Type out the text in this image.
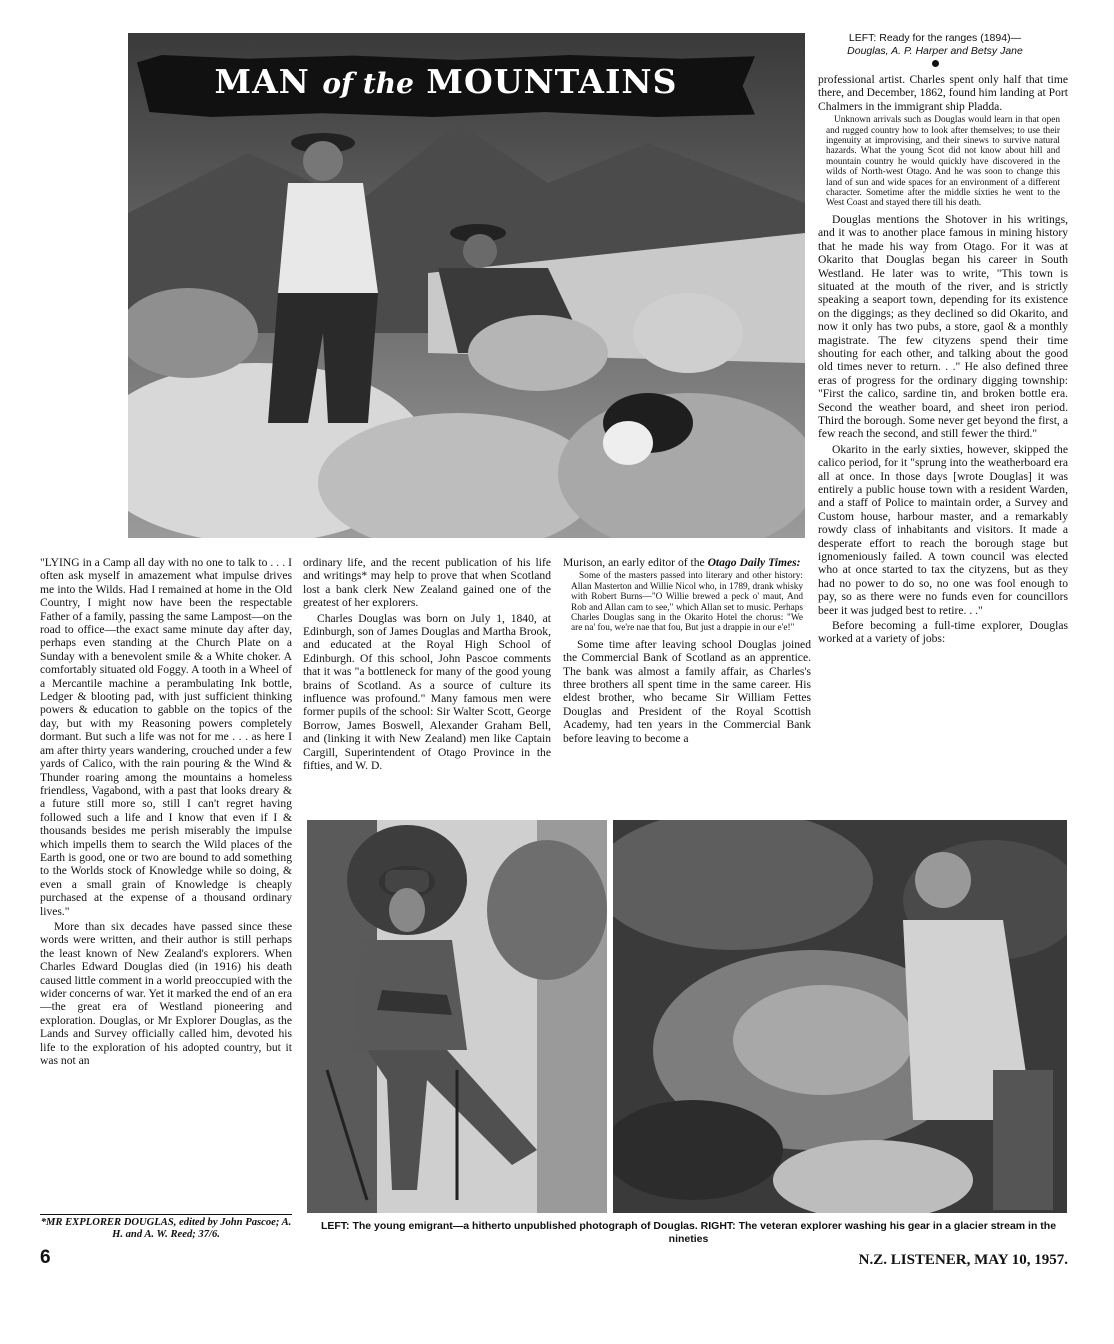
MAN of the MOUNTAINS
LEFT: Ready for the ranges (1894)—
Douglas, A. P. Harper and Betsy Jane

professional artist. Charles spent only half that time there, and December, 1862, found him landing at Port Chalmers in the immigrant ship Pladda.

Unknown arrivals such as Douglas would learn in that open and rugged country how to look after themselves; to use their ingenuity at improvising, and their sinews to survive natural hazards. What the young Scot did not know about hill and mountain country he would quickly have discovered in the wilds of North-west Otago. And he was soon to change this land of sun and wide spaces for an environment of a different character. Sometime after the middle sixties he went to the West Coast and stayed there till his death.

Douglas mentions the Shotover in his writings, and it was to another place famous in mining history that he made his way from Otago. For it was at Okarito that Douglas began his career in South Westland. He later was to write, "This town is situated at the mouth of the river, and is strictly speaking a seaport town, depending for its existence on the diggings; as they declined so did Okarito, and now it only has two pubs, a store, gaol & a monthly magistrate. The few cityzens spend their time shouting for each other, and talking about the good old times never to return. . ." He also defined three eras of progress for the ordinary digging township: "First the calico, sardine tin, and broken bottle era. Second the weather board, and sheet iron period. Third the borough. Some never get beyond the first, a few reach the second, and still fewer the third."

Okarito in the early sixties, however, skipped the calico period, for it "sprung into the weatherboard era all at once. In those days [wrote Douglas] it was entirely a public house town with a resident Warden, and a staff of Police to maintain order, a Survey and Custom house, harbour master, and a remarkably rowdy class of inhabitants and visitors. It made a desperate effort to reach the borough stage but ignomeniously failed. A town council was elected who at once started to tax the cityzens, but as they had no power to do so, no one was fool enough to pay, so as there were no funds even for councillors beer it was judged best to retire. . ."

Before becoming a full-time explorer, Douglas worked at a variety of jobs:

"LYING in a Camp all day with no one to talk to . . . I often ask myself in amazement what impulse drives me into the Wilds. Had I remained at home in the Old Country, I might now have been the respectable Father of a family, passing the same Lampost—on the road to office—the exact same minute day after day, perhaps even standing at the Church Plate on a Sunday with a benevolent smile & a White choker. A comfortably situated old Foggy. A tooth in a Wheel of a Mercantile machine a perambulating Ink bottle, Ledger & blooting pad, with just sufficient thinking powers & education to gabble on the topics of the day, but with my Reasoning powers completely dormant. But such a life was not for me . . . as here I am after thirty years wandering, crouched under a few yards of Calico, with the rain pouring & the Wind & Thunder roaring among the mountains a homeless friendless, Vagabond, with a past that looks dreary & a future still more so, still I can't regret having followed such a life and I know that even if I & thousands besides me perish miserably the impulse which impells them to search the Wild places of the Earth is good, one or two are bound to add something to the Worlds stock of Knowledge while so doing, & even a small grain of Knowledge is cheaply purchased at the expense of a thousand ordinary lives."

More than six decades have passed since these words were written, and their author is still perhaps the least known of New Zealand's explorers. When Charles Edward Douglas died (in 1916) his death caused little comment in a world preoccupied with the wider concerns of war. Yet it marked the end of an era—the great era of Westland pioneering and exploration. Douglas, or Mr Explorer Douglas, as the Lands and Survey officially called him, devoted his life to the exploration of his adopted country, but it was not an

*MR EXPLORER DOUGLAS, edited by John Pascoe; A. H. and A. W. Reed; 37/6.

ordinary life, and the recent publication of his life and writings* may help to prove that when Scotland lost a bank clerk New Zealand gained one of the greatest of her explorers.

Charles Douglas was born on July 1, 1840, at Edinburgh, son of James Douglas and Martha Brook, and educated at the Royal High School of Edinburgh. Of this school, John Pascoe comments that it was "a bottleneck for many of the good young brains of Scotland. As a source of culture its influence was profound." Many famous men were former pupils of the school: Sir Walter Scott, George Borrow, James Boswell, Alexander Graham Bell, and (linking it with New Zealand) men like Captain Cargill, Superintendent of Otago Province in the fifties, and W. D.

Murison, an early editor of the Otago Daily Times:

Some of the masters passed into literary and other history: Allan Masterton and Willie Nicol who, in 1789, drank whisky with Robert Burns—"O Willie brewed a peck o' maut, And Rob and Allan cam to see," which Allan set to music. Perhaps Charles Douglas sang in the Okarito Hotel the chorus: "We are na' fou, we're nae that fou, But just a drappie in our e'e!"

Some time after leaving school Douglas joined the Commercial Bank of Scotland as an apprentice. The bank was almost a family affair, as Charles's three brothers all spent time in the same career. His eldest brother, who became Sir William Fettes Douglas and President of the Royal Scottish Academy, had ten years in the Commercial Bank before leaving to become a

LEFT: The young emigrant—a hitherto unpublished photograph of Douglas. RIGHT: The veteran explorer washing his gear in a glacier stream in the nineties
6	N.Z. LISTENER, MAY 10, 1957.
